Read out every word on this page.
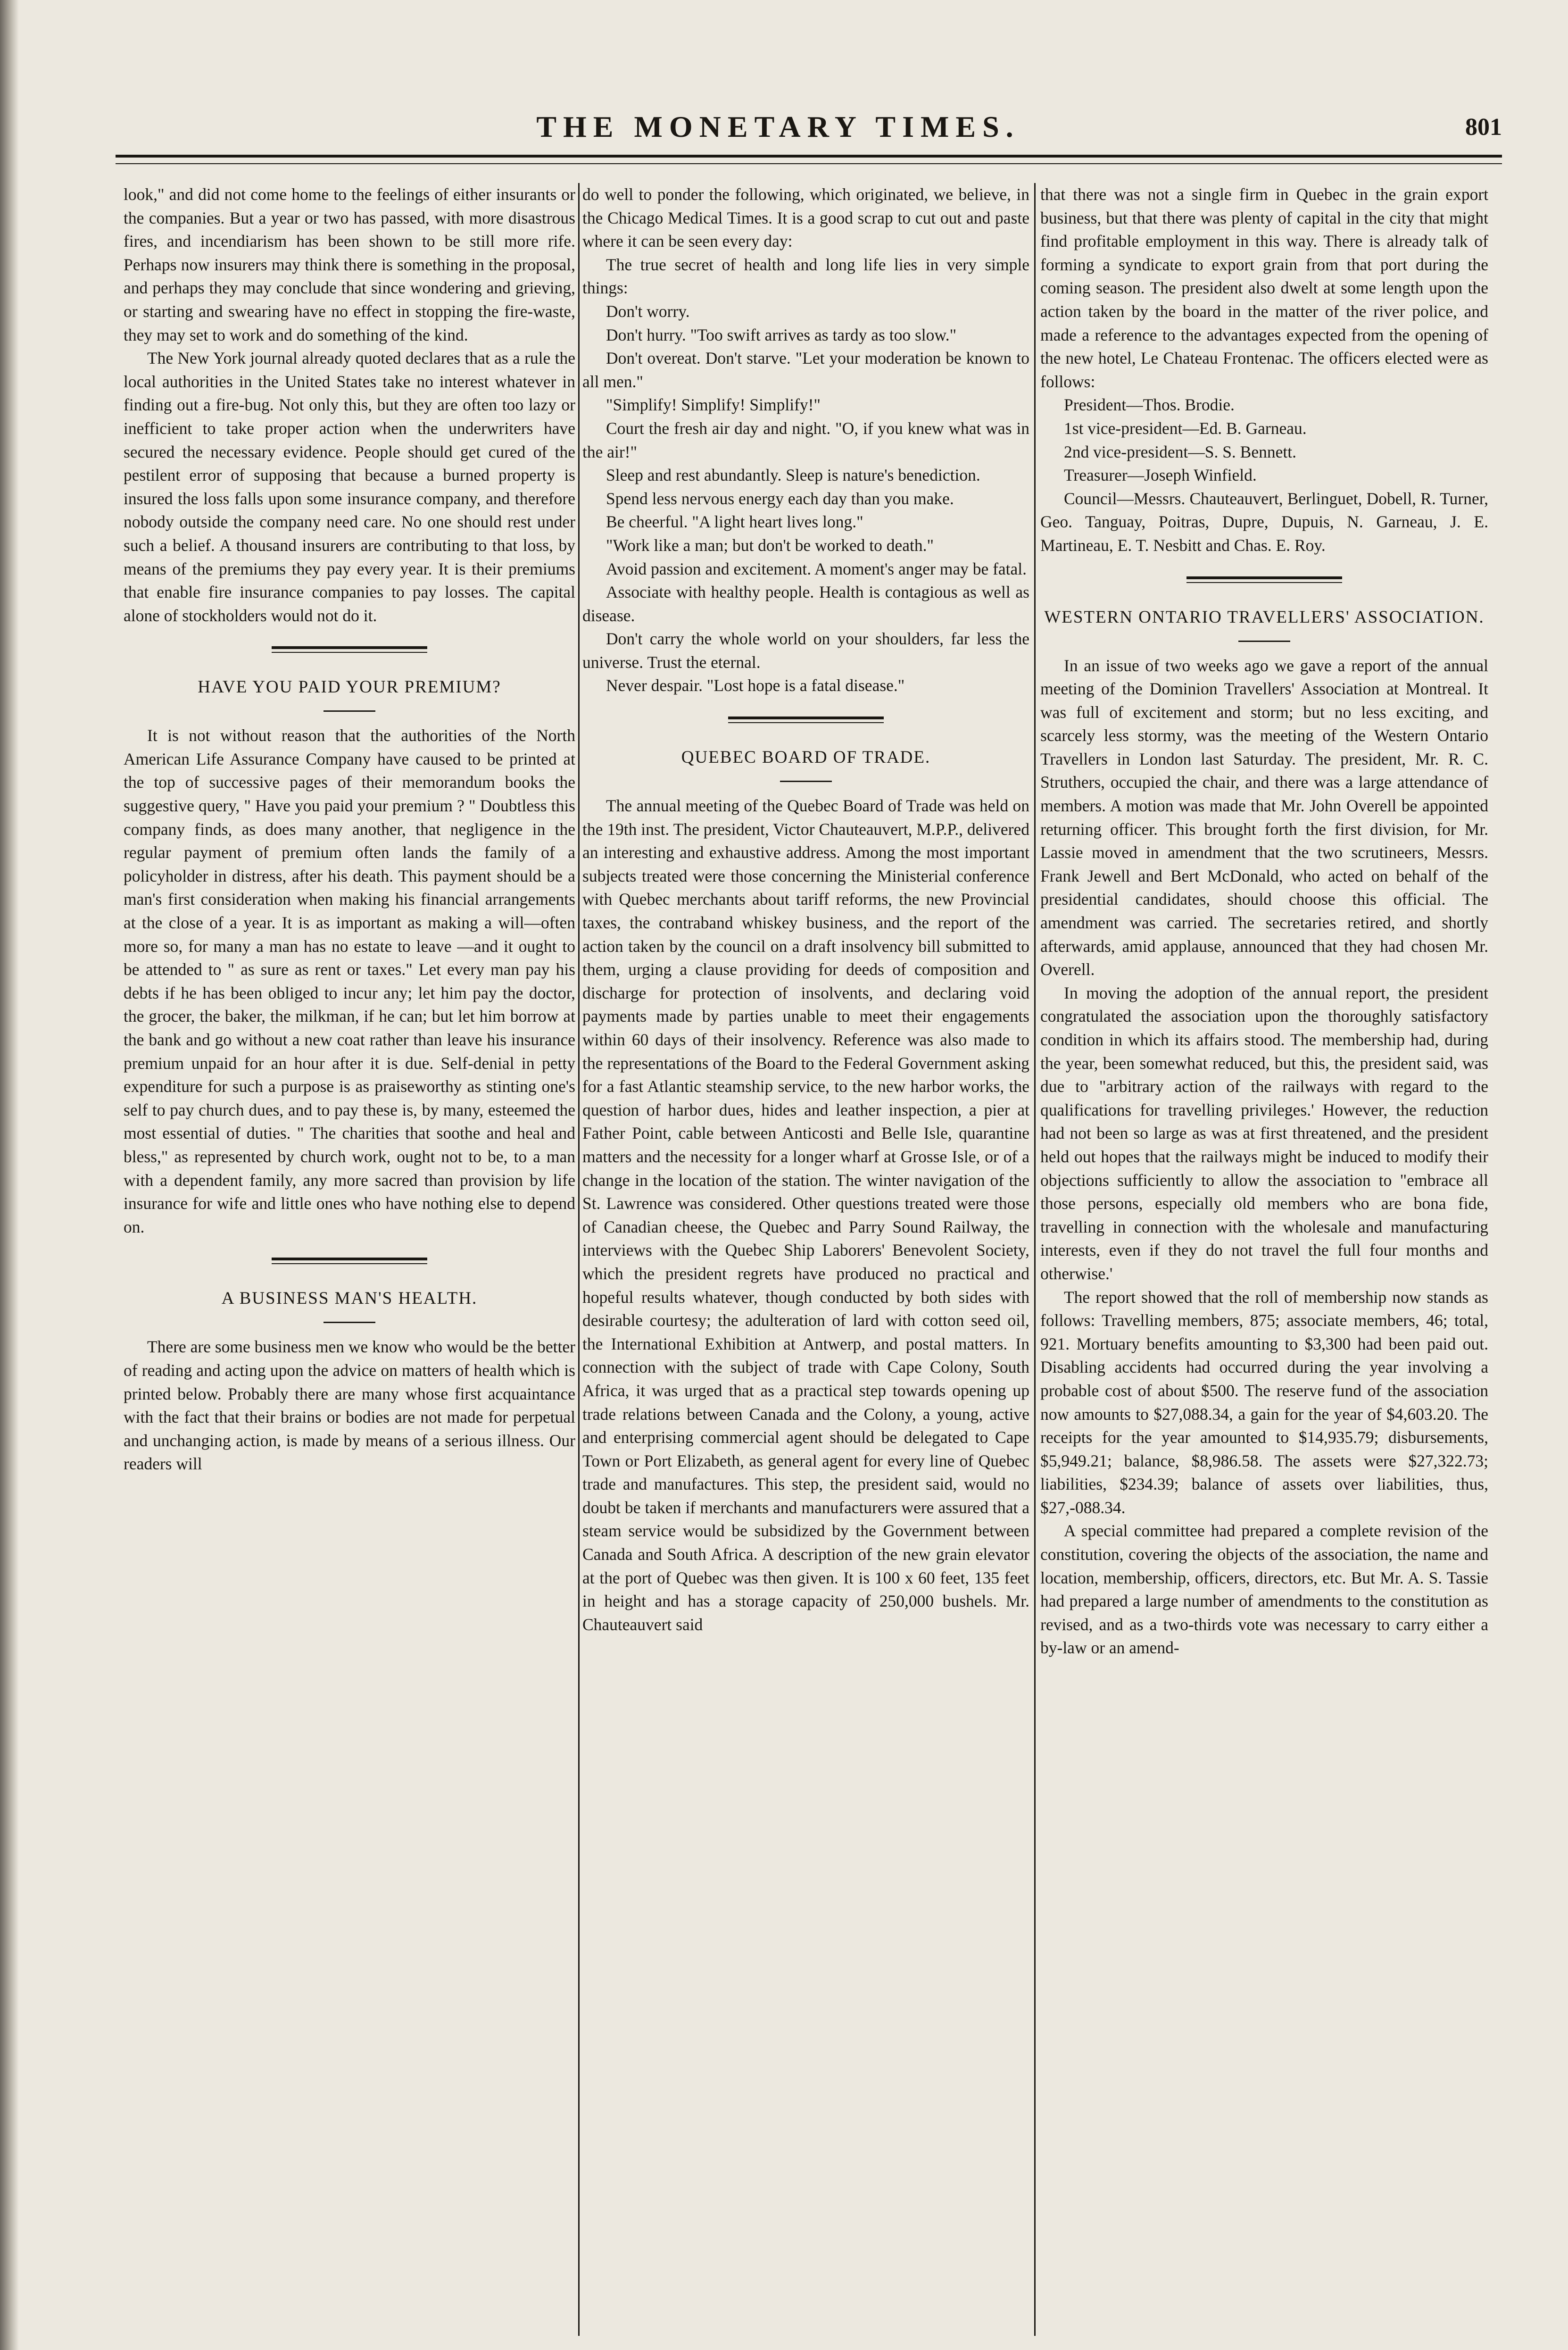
THE MONETARY TIMES.	801

look," and did not come home to the feelings of either insurants or the companies. But a year or two has passed, with more disastrous fires, and incendiarism has been shown to be still more rife. Perhaps now insurers may think there is something in the proposal, and perhaps they may conclude that since wondering and grieving, or starting and swearing have no effect in stopping the fire-waste, they may set to work and do something of the kind.

The New York journal already quoted declares that as a rule the local authorities in the United States take no interest whatever in finding out a fire-bug. Not only this, but they are often too lazy or inefficient to take proper action when the underwriters have secured the necessary evidence. People should get cured of the pestilent error of supposing that because a burned property is insured the loss falls upon some insurance company, and therefore nobody outside the company need care. No one should rest under such a belief. A thousand insurers are contributing to that loss, by means of the premiums they pay every year. It is their premiums that enable fire insurance companies to pay losses. The capital alone of stockholders would not do it.

HAVE YOU PAID YOUR PREMIUM?

It is not without reason that the authorities of the North American Life Assurance Company have caused to be printed at the top of successive pages of their memorandum books the suggestive query, " Have you paid your premium ? " Doubtless this company finds, as does many another, that negligence in the regular payment of premium often lands the family of a policyholder in distress, after his death. This payment should be a man's first consideration when making his financial arrangements at the close of a year. It is as important as making a will—often more so, for many a man has no estate to leave —and it ought to be attended to " as sure as rent or taxes." Let every man pay his debts if he has been obliged to incur any; let him pay the doctor, the grocer, the baker, the milkman, if he can; but let him borrow at the bank and go without a new coat rather than leave his insurance premium unpaid for an hour after it is due. Self-denial in petty expenditure for such a purpose is as praiseworthy as stinting one's self to pay church dues, and to pay these is, by many, esteemed the most essential of duties. " The charities that soothe and heal and bless," as represented by church work, ought not to be, to a man with a dependent family, any more sacred than provision by life insurance for wife and little ones who have nothing else to depend on.

A BUSINESS MAN'S HEALTH.

There are some business men we know who would be the better of reading and acting upon the advice on matters of health which is printed below. Probably there are many whose first acquaintance with the fact that their brains or bodies are not made for perpetual and unchanging action, is made by means of a serious illness. Our readers will

do well to ponder the following, which originated, we believe, in the Chicago Medical Times. It is a good scrap to cut out and paste where it can be seen every day:

The true secret of health and long life lies in very simple things:

Don't worry.

Don't hurry. "Too swift arrives as tardy as too slow."

Don't overeat. Don't starve. "Let your moderation be known to all men."

"Simplify! Simplify! Simplify!"

Court the fresh air day and night. "O, if you knew what was in the air!"

Sleep and rest abundantly. Sleep is nature's benediction.

Spend less nervous energy each day than you make.

Be cheerful. "A light heart lives long."

"Work like a man; but don't be worked to death."

Avoid passion and excitement. A moment's anger may be fatal.

Associate with healthy people. Health is contagious as well as disease.

Don't carry the whole world on your shoulders, far less the universe. Trust the eternal.

Never despair. "Lost hope is a fatal disease."

QUEBEC BOARD OF TRADE.

The annual meeting of the Quebec Board of Trade was held on the 19th inst. The president, Victor Chauteauvert, M.P.P., delivered an interesting and exhaustive address. Among the most important subjects treated were those concerning the Ministerial conference with Quebec merchants about tariff reforms, the new Provincial taxes, the contraband whiskey business, and the report of the action taken by the council on a draft insolvency bill submitted to them, urging a clause providing for deeds of composition and discharge for protection of insolvents, and declaring void payments made by parties unable to meet their engagements within 60 days of their insolvency. Reference was also made to the representations of the Board to the Federal Government asking for a fast Atlantic steamship service, to the new harbor works, the question of harbor dues, hides and leather inspection, a pier at Father Point, cable between Anticosti and Belle Isle, quarantine matters and the necessity for a longer wharf at Grosse Isle, or of a change in the location of the station. The winter navigation of the St. Lawrence was considered. Other questions treated were those of Canadian cheese, the Quebec and Parry Sound Railway, the interviews with the Quebec Ship Laborers' Benevolent Society, which the president regrets have produced no practical and hopeful results whatever, though conducted by both sides with desirable courtesy; the adulteration of lard with cotton seed oil, the International Exhibition at Antwerp, and postal matters. In connection with the subject of trade with Cape Colony, South Africa, it was urged that as a practical step towards opening up trade relations between Canada and the Colony, a young, active and enterprising commercial agent should be delegated to Cape Town or Port Elizabeth, as general agent for every line of Quebec trade and manufactures. This step, the president said, would no doubt be taken if merchants and manufacturers were assured that a steam service would be subsidized by the Government between Canada and South Africa. A description of the new grain elevator at the port of Quebec was then given. It is 100 x 60 feet, 135 feet in height and has a storage capacity of 250,000 bushels. Mr. Chauteauvert said

that there was not a single firm in Quebec in the grain export business, but that there was plenty of capital in the city that might find profitable employment in this way. There is already talk of forming a syndicate to export grain from that port during the coming season. The president also dwelt at some length upon the action taken by the board in the matter of the river police, and made a reference to the advantages expected from the opening of the new hotel, Le Chateau Frontenac. The officers elected were as follows:

President—Thos. Brodie.

1st vice-president—Ed. B. Garneau.

2nd vice-president—S. S. Bennett.

Treasurer—Joseph Winfield.

Council—Messrs. Chauteauvert, Berlinguet, Dobell, R. Turner, Geo. Tanguay, Poitras, Dupre, Dupuis, N. Garneau, J. E. Martineau, E. T. Nesbitt and Chas. E. Roy.

WESTERN ONTARIO TRAVELLERS' ASSOCIATION.

In an issue of two weeks ago we gave a report of the annual meeting of the Dominion Travellers' Association at Montreal. It was full of excitement and storm; but no less exciting, and scarcely less stormy, was the meeting of the Western Ontario Travellers in London last Saturday. The president, Mr. R. C. Struthers, occupied the chair, and there was a large attendance of members. A motion was made that Mr. John Overell be appointed returning officer. This brought forth the first division, for Mr. Lassie moved in amendment that the two scrutineers, Messrs. Frank Jewell and Bert McDonald, who acted on behalf of the presidential candidates, should choose this official. The amendment was carried. The secretaries retired, and shortly afterwards, amid applause, announced that they had chosen Mr. Overell.

In moving the adoption of the annual report, the president congratulated the association upon the thoroughly satisfactory condition in which its affairs stood. The membership had, during the year, been somewhat reduced, but this, the president said, was due to "arbitrary action of the railways with regard to the qualifications for travelling privileges.' However, the reduction had not been so large as was at first threatened, and the president held out hopes that the railways might be induced to modify their objections sufficiently to allow the association to "embrace all those persons, especially old members who are bona fide, travelling in connection with the wholesale and manufacturing interests, even if they do not travel the full four months and otherwise.'

The report showed that the roll of membership now stands as follows: Travelling members, 875; associate members, 46; total, 921. Mortuary benefits amounting to $3,300 had been paid out. Disabling accidents had occurred during the year involving a probable cost of about $500. The reserve fund of the association now amounts to $27,088.34, a gain for the year of $4,603.20. The receipts for the year amounted to $14,935.79; disbursements, $5,949.21; balance, $8,986.58. The assets were $27,322.73; liabilities, $234.39; balance of assets over liabilities, thus, $27,-088.34.

A special committee had prepared a complete revision of the constitution, covering the objects of the association, the name and location, membership, officers, directors, etc. But Mr. A. S. Tassie had prepared a large number of amendments to the constitution as revised, and as a two-thirds vote was necessary to carry either a by-law or an amend-
